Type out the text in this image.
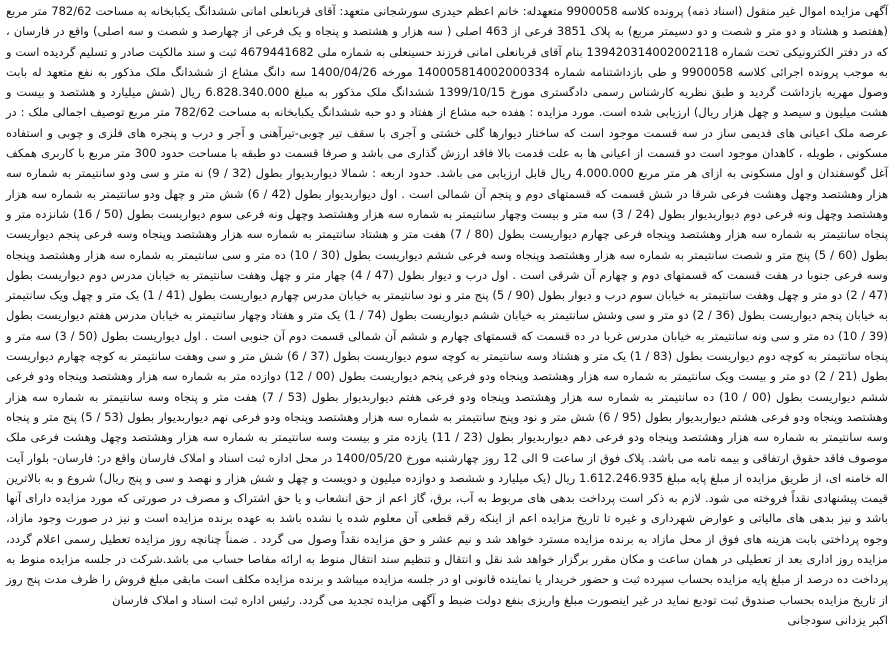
آگهی مزایده اموال غیر منقول (اسناد ذمه) پرونده کلاسه 9900058 متعهدله: خانم اعظم حیدری سورشجانی متعهد: آقای قربانعلی امانی ششدانگ یکبابخانه به مساحت 782/62 متر مربع (هفتصد و هشتاد و دو متر و شصت و دو دسیمتر مربع) به پلاک 3851 فرعی از 463 اصلی ( سه هزار و هشتصد و پنجاه و یک فرعی از چهارصد و شصت و سه اصلی) واقع در فارسان ، که در دفتر الکترونیکی تحت شماره 139420314002002118 بنام آقای قربانعلی امانی فرزند حسینعلی به شماره ملی 4679441682 ثبت و سند مالکیت صادر و تسلیم گردیده است و به موجب پرونده اجرائی کلاسه 9900058 و طی بازداشتنامه شماره 140005814002000334 مورخه 1400/04/26 سه دانگ مشاع از ششدانگ ملک مذکور به نفع متعهد له بابت وصول مهریه بازداشت گردید و طبق نظریه کارشناس رسمی دادگستری مورخ 1399/10/15 ششدانگ ملک مذکور به مبلغ 6.828.340.000 ریال (شش میلیارد و هشتصد و بیست و هشت میلیون و سیصد و چهل هزار ریال) ارزیابی شده است. مورد مزایده : هفده حبه مشاع از هفتاد و دو حبه ششدانگ یکبابخانه به مساحت 782/62 متر مربع توصیف اجمالی ملک : در عرصه ملک اعیانی های قدیمی ساز در سه قسمت موجود است که ساختار دیوارها گلی خشتی و آجری با سقف تیر چوبی-تیرآهنی و آجر و درب و پنجره های فلزی و چوبی و استفاده مسکونی ، طویله ، کاهدان موجود است دو قسمت از اعیانی ها به علت قدمت بالا فاقد ارزش گذاری می باشد و صرفا قسمت دو طبقه با مساحت حدود 300 متر مربع با کاربری همکف آغل گوسفندان و اول مسکونی به ازای هر متر مربع 4.000.000 ریال قابل ارزیابی می باشد. حدود اربعه : شمالا دیواربدیوار بطول (32 / 9) نه متر و سی ودو سانتیمتر به شماره سه هزار وهشتصد وچهل وهشت فرعی شرقا در شش قسمت که قسمتهای دوم و پنجم آن شمالی است . اول دیواربدیوار بطول (42 / 6) شش متر و چهل ودو سانتیمتر به شماره سه هزار وهشتصد وچهل ونه فرعی دوم دیواربدیوار بطول (24 / 3) سه متر و بیست وچهار سانتیمتر به شماره سه هزار وهشتصد وچهل ونه فرعی سوم دیواریست بطول (50 / 16) شانزده متر و پنجاه سانتیمتر به شماره سه هزار وهشتصد وپنجاه فرعی چهارم دیواریست بطول (80 / 7) هفت متر و هشتاد سانتیمتر به شماره سه هزار وهشتصد وپنجاه وسه فرعی پنجم دیواریست بطول (60 / 5) پنج متر و شصت سانتیمتر به شماره سه هزار وهشتصد وپنجاه وسه فرعی ششم دیواریست بطول (30 / 10) ده متر و سی سانتیمتر به شماره سه هزار وهشتصد وپنجاه وسه فرعی جنوبا در هفت قسمت که قسمتهای دوم و چهارم آن شرقی است . اول درب و دیوار بطول (47 / 4) چهار متر و چهل وهفت سانتیمتر به خیابان مدرس دوم دیواریست بطول (47 / 2) دو متر و چهل وهفت سانتیمتر به خیابان سوم درب و دیوار بطول (90 / 5) پنج متر و نود سانتیمتر به خیابان مدرس چهارم دیواریست بطول (41 / 1) یک متر و چهل ویک سانتیمتر به خیابان پنجم دیواریست بطول (36 / 2) دو متر و سی وشش سانتیمتر به خیابان ششم دیواریست بطول (74 / 1) یک متر و هفتاد وچهار سانتیمتر به خیابان مدرس هفتم دیواریست بطول (39 / 10) ده متر و سی ونه سانتیمتر به خیابان مدرس غربا در ده قسمت که قسمتهای چهارم و ششم آن شمالی قسمت دوم آن جنوبی است . اول دیواریست بطول (50 / 3) سه متر و پنجاه سانتیمتر به کوچه دوم دیواریست بطول (83 / 1) یک متر و هشتاد وسه سانتیمتر به کوچه سوم دیواریست بطول (37 / 6) شش متر و سی وهفت سانتیمتر به کوچه چهارم دیواریست بطول (21 / 2) دو متر و بیست ویک سانتیمتر به شماره سه هزار وهشتصد وپنجاه ودو فرعی پنجم دیواریست بطول (00 / 12) دوازده متر به شماره سه هزار وهشتصد وپنجاه ودو فرعی ششم دیواریست بطول (00 / 10) ده سانتیمتر به شماره سه هزار وهشتصد وپنجاه ودو فرعی هفتم دیواربدیوار بطول (53 / 7) هفت متر و پنجاه وسه سانتیمتر به شماره سه هزار وهشتصد وپنجاه ودو فرعی هشتم دیواربدیوار بطول (95 / 6) شش متر و نود وپنج سانتیمتر به شماره سه هزار وهشتصد وپنجاه ودو فرعی نهم دیواربدیوار بطول (53 / 5) پنج متر و پنجاه وسه سانتیمتر به شماره سه هزار وهشتصد وپنجاه ودو فرعی دهم دیواربدیوار بطول (23 / 11) یازده متر و بیست وسه سانتیمتر به شماره سه هزار وهشتصد وچهل وهشت فرعی ملک موصوف فاقد حقوق ارتفاقی و بیمه نامه می باشد. پلاک فوق از ساعت 9 الی 12 روز چهارشنبه مورخ 1400/05/20 در محل اداره ثبت اسناد و املاک فارسان واقع در: فارسان- بلوار آیت اله خامنه ای، از طریق مزایده از مبلغ پایه مبلغ 1.612.246.935 ریال (یک میلیارد و ششصد و دوازده میلیون و دویست و چهل و شش هزار و نهصد و سی و پنج ریال) شروع و به بالاترین قیمت پیشنهادی نقداً فروخته می شود. لازم به ذکر است پرداخت بدهی های مربوط به آب، برق، گاز اعم از حق انشعاب و یا حق اشتراک و مصرف در صورتی که مورد مزایده دارای آنها باشد و نیز بدهی های مالیاتی و عوارض شهرداری و غیره تا تاریخ مزایده اعم از اینکه رقم قطعی آن معلوم شده یا نشده باشد به عهده برنده مزایده است و نیز در صورت وجود مازاد، وجوه پرداختی بابت هزینه های فوق از محل مازاد به برنده مزایده مسترد خواهد شد و نیم عشر و حق مزایده نقداً وصول می گردد . ضمناً چنانچه روز مزایده تعطیل رسمی اعلام گردد، مزایده روز اداری بعد از تعطیلی در همان ساعت و مکان مقرر برگزار خواهد شد نقل و انتقال و تنظیم سند انتقال منوط به ارائه مفاصا حساب می باشد.شرکت در جلسه مزایده منوط به پرداخت ده درصد از مبلغ پایه مزایده بحساب سپرده ثبت و حضور خریدار یا نماینده قانونی او در جلسه مزایده میباشد و برنده مزایده مکلف است مابقی مبلغ فروش را ظرف مدت پنج روز از تاریخ مزایده بحساب صندوق ثبت تودیع نماید در غیر اینصورت مبلغ واریزی بنفع دولت ضبط و آگهی مزایده تجدید می گردد. رئیس اداره ثبت اسناد و املاک فارسان

اکبر یزدانی سودجانی
